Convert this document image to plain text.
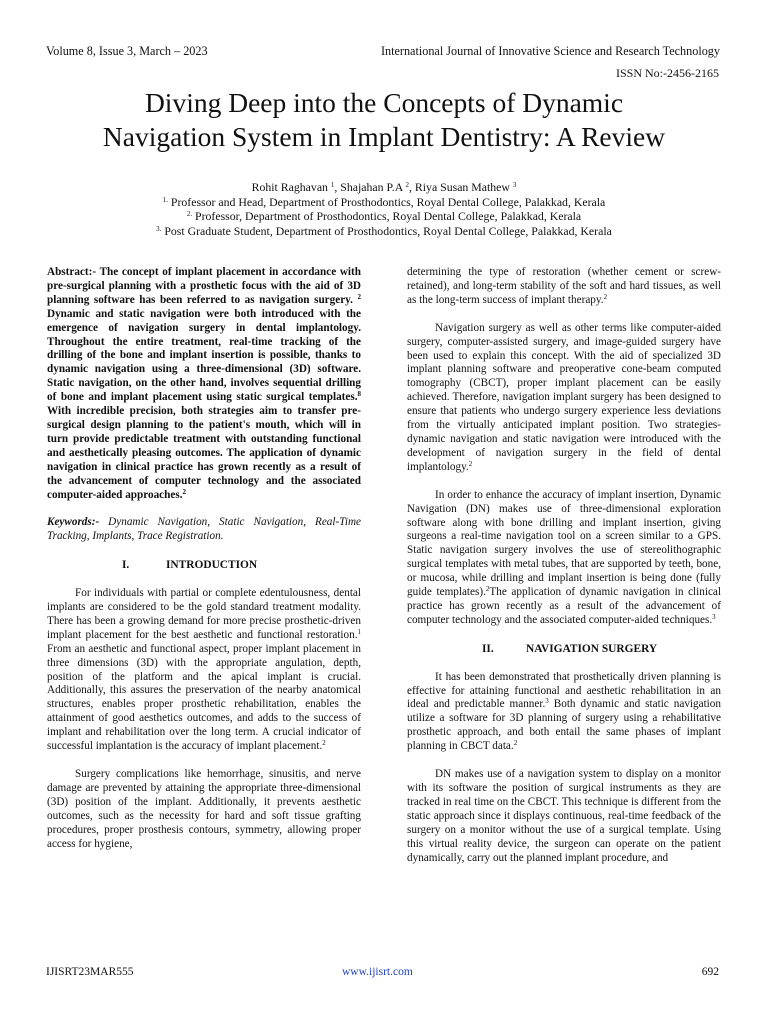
Volume 8, Issue 3, March – 2023	International Journal of Innovative Science and Research Technology
ISSN No:-2456-2165
Diving Deep into the Concepts of Dynamic
Navigation System in Implant Dentistry: A Review
Rohit Raghavan $^1$, Shajahan P.A $^2$, Riya Susan Mathew $^3$
$^{1.}$ Professor and Head, Department of Prosthodontics, Royal Dental College, Palakkad, Kerala
$^{2.}$ Professor, Department of Prosthodontics, Royal Dental College, Palakkad, Kerala
$^{3.}$ Post Graduate Student, Department of Prosthodontics, Royal Dental College, Palakkad, Kerala

Abstract:- The concept of implant placement in accordance with pre-surgical planning with a prosthetic focus with the aid of 3D planning software has been referred to as navigation surgery. $^2$ Dynamic and static navigation were both introduced with the emergence of navigation surgery in dental implantology. Throughout the entire treatment, real-time tracking of the drilling of the bone and implant insertion is possible, thanks to dynamic navigation using a three-dimensional (3D) software. Static navigation, on the other hand, involves sequential drilling of bone and implant placement using static surgical templates.$^8$ With incredible precision, both strategies aim to transfer pre-surgical design planning to the patient's mouth, which will in turn provide predictable treatment with outstanding functional and aesthetically pleasing outcomes. The application of dynamic navigation in clinical practice has grown recently as a result of the advancement of computer technology and the associated computer-aided approaches.$^2$

Keywords:- Dynamic Navigation, Static Navigation, Real-Time Tracking, Implants, Trace Registration.

I.	INTRODUCTION

For individuals with partial or complete edentulousness, dental implants are considered to be the gold standard treatment modality. There has been a growing demand for more precise prosthetic-driven implant placement for the best aesthetic and functional restoration.$^1$ From an aesthetic and functional aspect, proper implant placement in three dimensions (3D) with the appropriate angulation, depth, position of the platform and the apical implant is crucial. Additionally, this assures the preservation of the nearby anatomical structures, enables proper prosthetic rehabilitation, enables the attainment of good aesthetics outcomes, and adds to the success of implant and rehabilitation over the long term. A crucial indicator of successful implantation is the accuracy of implant placement.$^2$

Surgery complications like hemorrhage, sinusitis, and nerve damage are prevented by attaining the appropriate three-dimensional (3D) position of the implant. Additionally, it prevents aesthetic outcomes, such as the necessity for hard and soft tissue grafting procedures, proper prosthesis contours, symmetry, allowing proper access for hygiene,

determining the type of restoration (whether cement or screw-retained), and long-term stability of the soft and hard tissues, as well as the long-term success of implant therapy.$^2$

Navigation surgery as well as other terms like computer-aided surgery, computer-assisted surgery, and image-guided surgery have been used to explain this concept. With the aid of specialized 3D implant planning software and preoperative cone-beam computed tomography (CBCT), proper implant placement can be easily achieved. Therefore, navigation implant surgery has been designed to ensure that patients who undergo surgery experience less deviations from the virtually anticipated implant position. Two strategies- dynamic navigation and static navigation were introduced with the development of navigation surgery in the field of dental implantology.$^2$

In order to enhance the accuracy of implant insertion, Dynamic Navigation (DN) makes use of three-dimensional exploration software along with bone drilling and implant insertion, giving surgeons a real-time navigation tool on a screen similar to a GPS. Static navigation surgery involves the use of stereolithographic surgical templates with metal tubes, that are supported by teeth, bone, or mucosa, while drilling and implant insertion is being done (fully guide templates).$^2$The application of dynamic navigation in clinical practice has grown recently as a result of the advancement of computer technology and the associated computer-aided techniques.$^3$

II.	NAVIGATION SURGERY

It has been demonstrated that prosthetically driven planning is effective for attaining functional and aesthetic rehabilitation in an ideal and predictable manner.$^3$ Both dynamic and static navigation utilize a software for 3D planning of surgery using a rehabilitative prosthetic approach, and both entail the same phases of implant planning in CBCT data.$^2$

DN makes use of a navigation system to display on a monitor with its software the position of surgical instruments as they are tracked in real time on the CBCT. This technique is different from the static approach since it displays continuous, real-time feedback of the surgery on a monitor without the use of a surgical template. Using this virtual reality device, the surgeon can operate on the patient dynamically, carry out the planned implant procedure, and

IJISRT23MAR555	www.ijisrt.com	692
